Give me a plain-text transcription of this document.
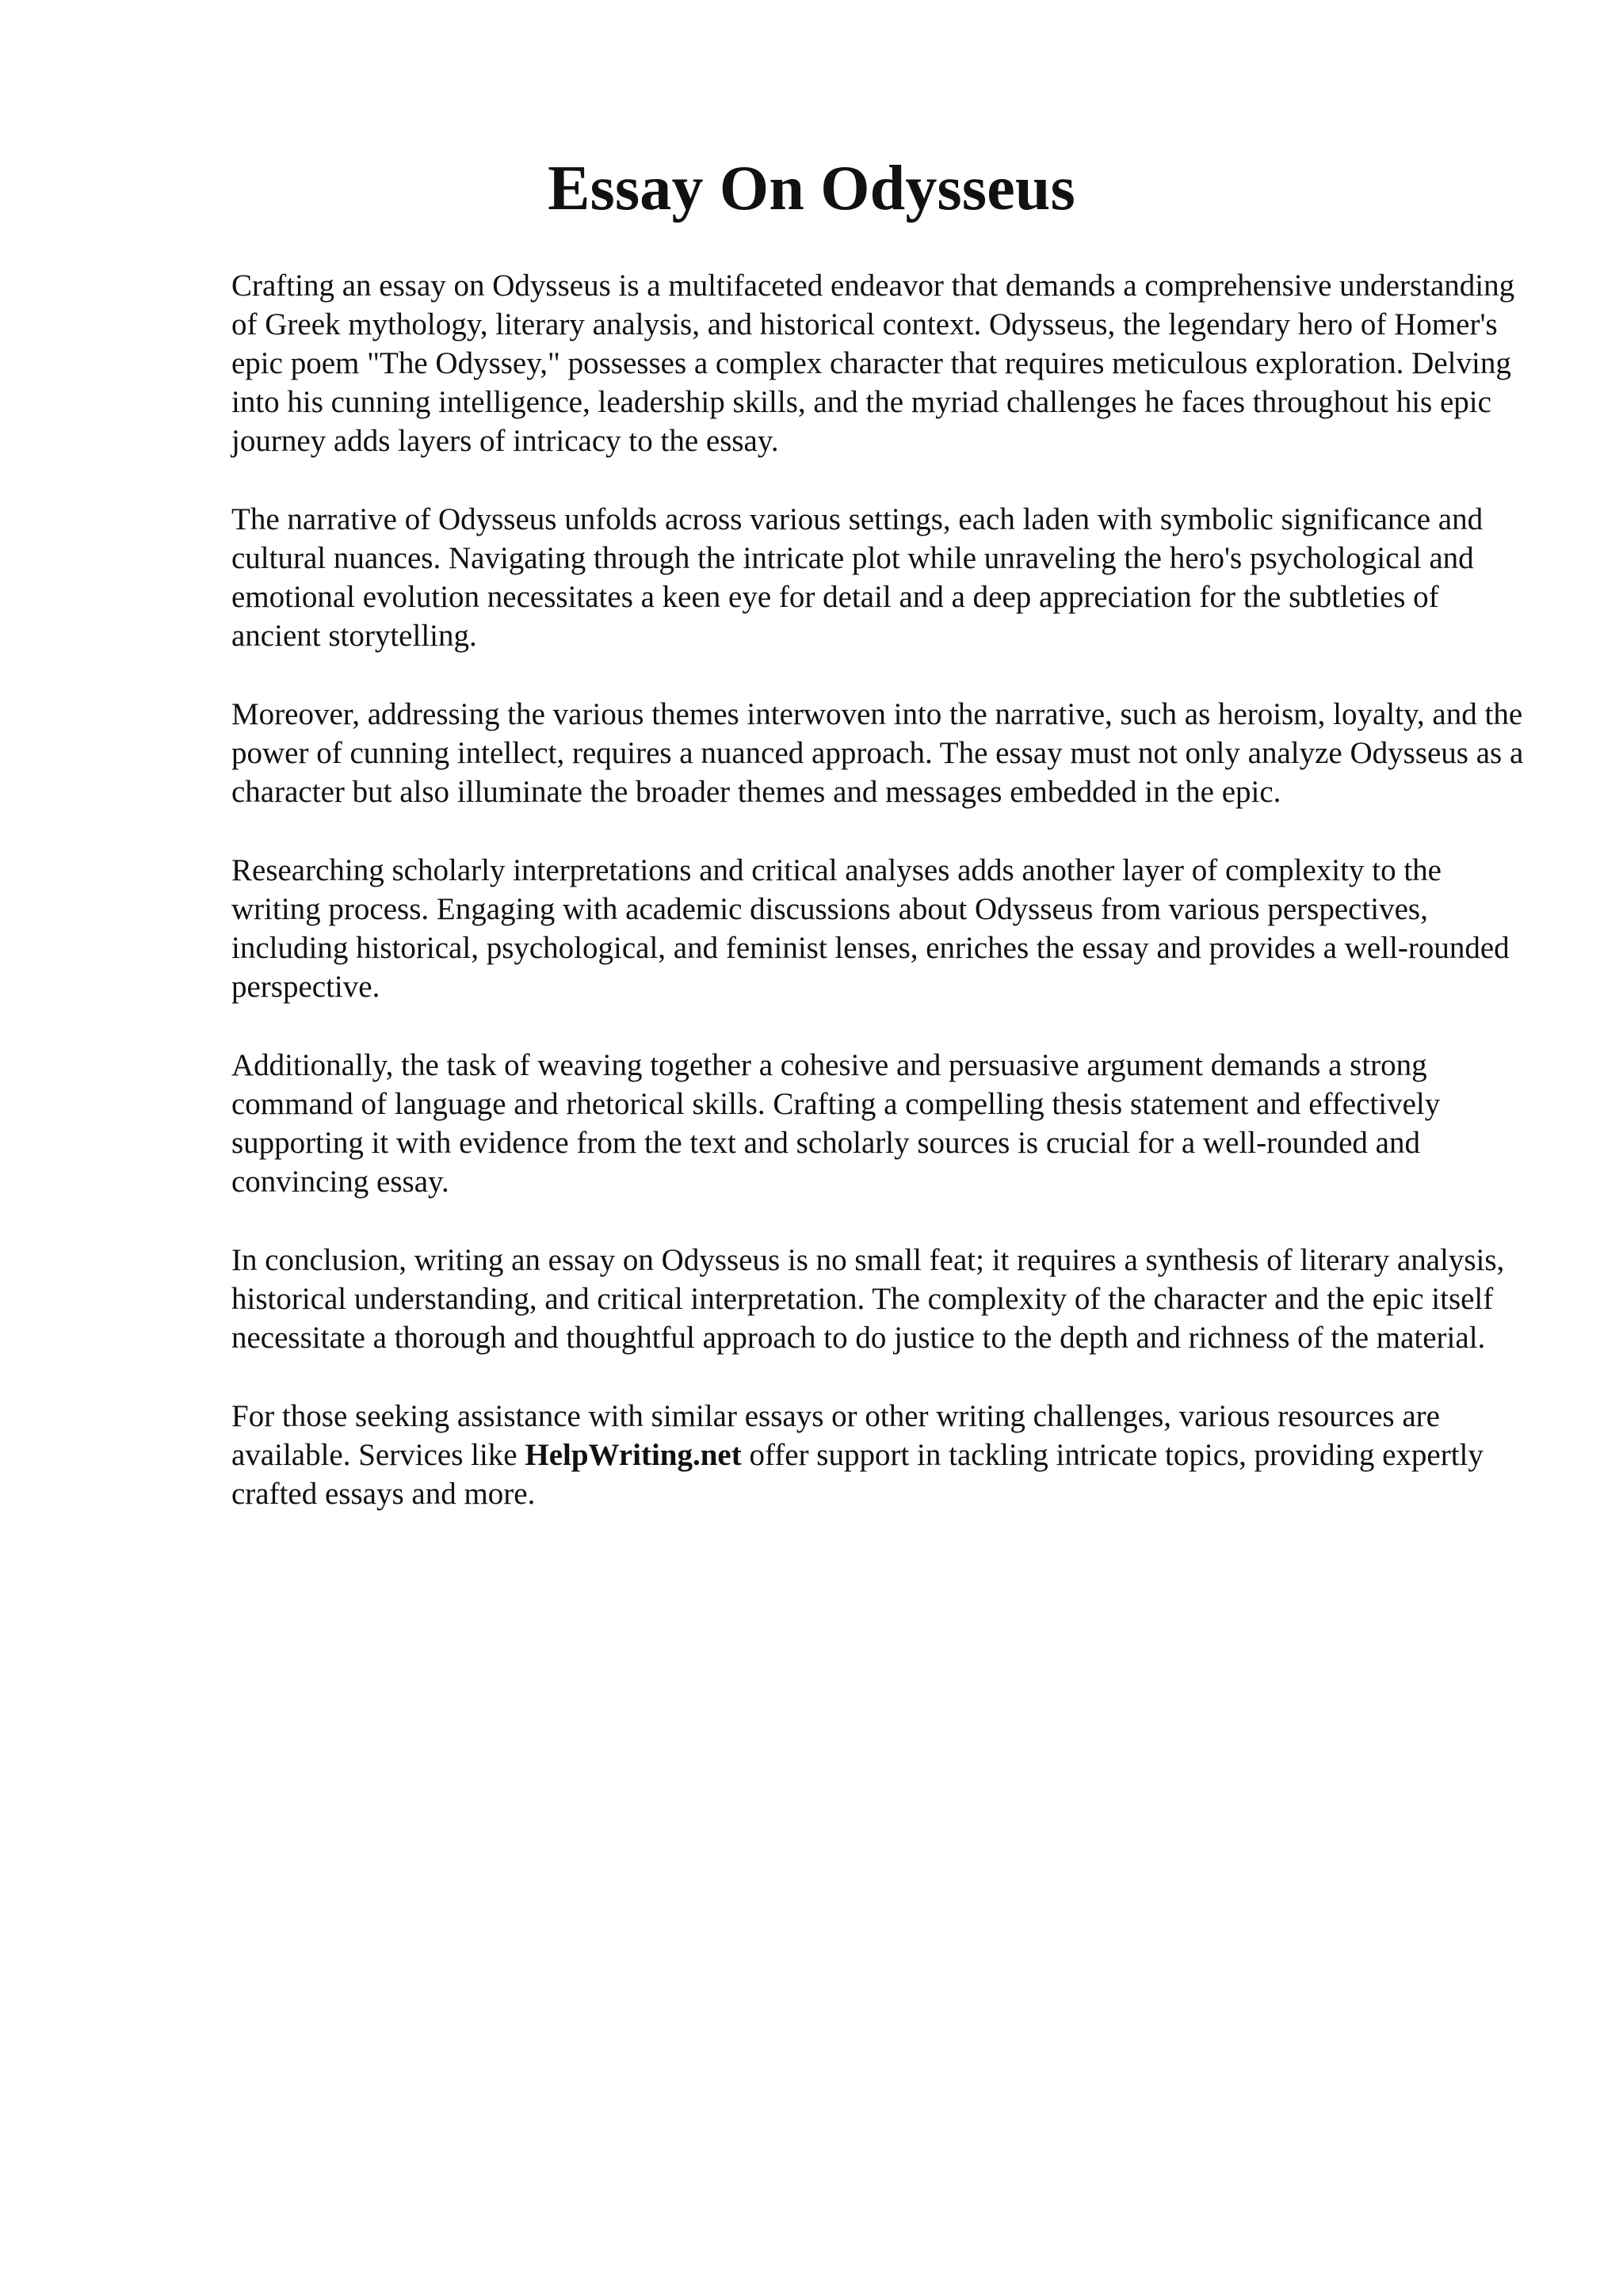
Essay On Odysseus

Crafting an essay on Odysseus is a multifaceted endeavor that demands a comprehensive understanding of Greek mythology, literary analysis, and historical context. Odysseus, the legendary hero of Homer's epic poem "The Odyssey," possesses a complex character that requires meticulous exploration. Delving into his cunning intelligence, leadership skills, and the myriad challenges he faces throughout his epic journey adds layers of intricacy to the essay.

The narrative of Odysseus unfolds across various settings, each laden with symbolic significance and cultural nuances. Navigating through the intricate plot while unraveling the hero's psychological and emotional evolution necessitates a keen eye for detail and a deep appreciation for the subtleties of ancient storytelling.

Moreover, addressing the various themes interwoven into the narrative, such as heroism, loyalty, and the power of cunning intellect, requires a nuanced approach. The essay must not only analyze Odysseus as a character but also illuminate the broader themes and messages embedded in the epic.

Researching scholarly interpretations and critical analyses adds another layer of complexity to the writing process. Engaging with academic discussions about Odysseus from various perspectives, including historical, psychological, and feminist lenses, enriches the essay and provides a well-rounded perspective.

Additionally, the task of weaving together a cohesive and persuasive argument demands a strong command of language and rhetorical skills. Crafting a compelling thesis statement and effectively supporting it with evidence from the text and scholarly sources is crucial for a well-rounded and convincing essay.

In conclusion, writing an essay on Odysseus is no small feat; it requires a synthesis of literary analysis, historical understanding, and critical interpretation. The complexity of the character and the epic itself necessitate a thorough and thoughtful approach to do justice to the depth and richness of the material.

For those seeking assistance with similar essays or other writing challenges, various resources are available. Services like HelpWriting.net offer support in tackling intricate topics, providing expertly crafted essays and more.
